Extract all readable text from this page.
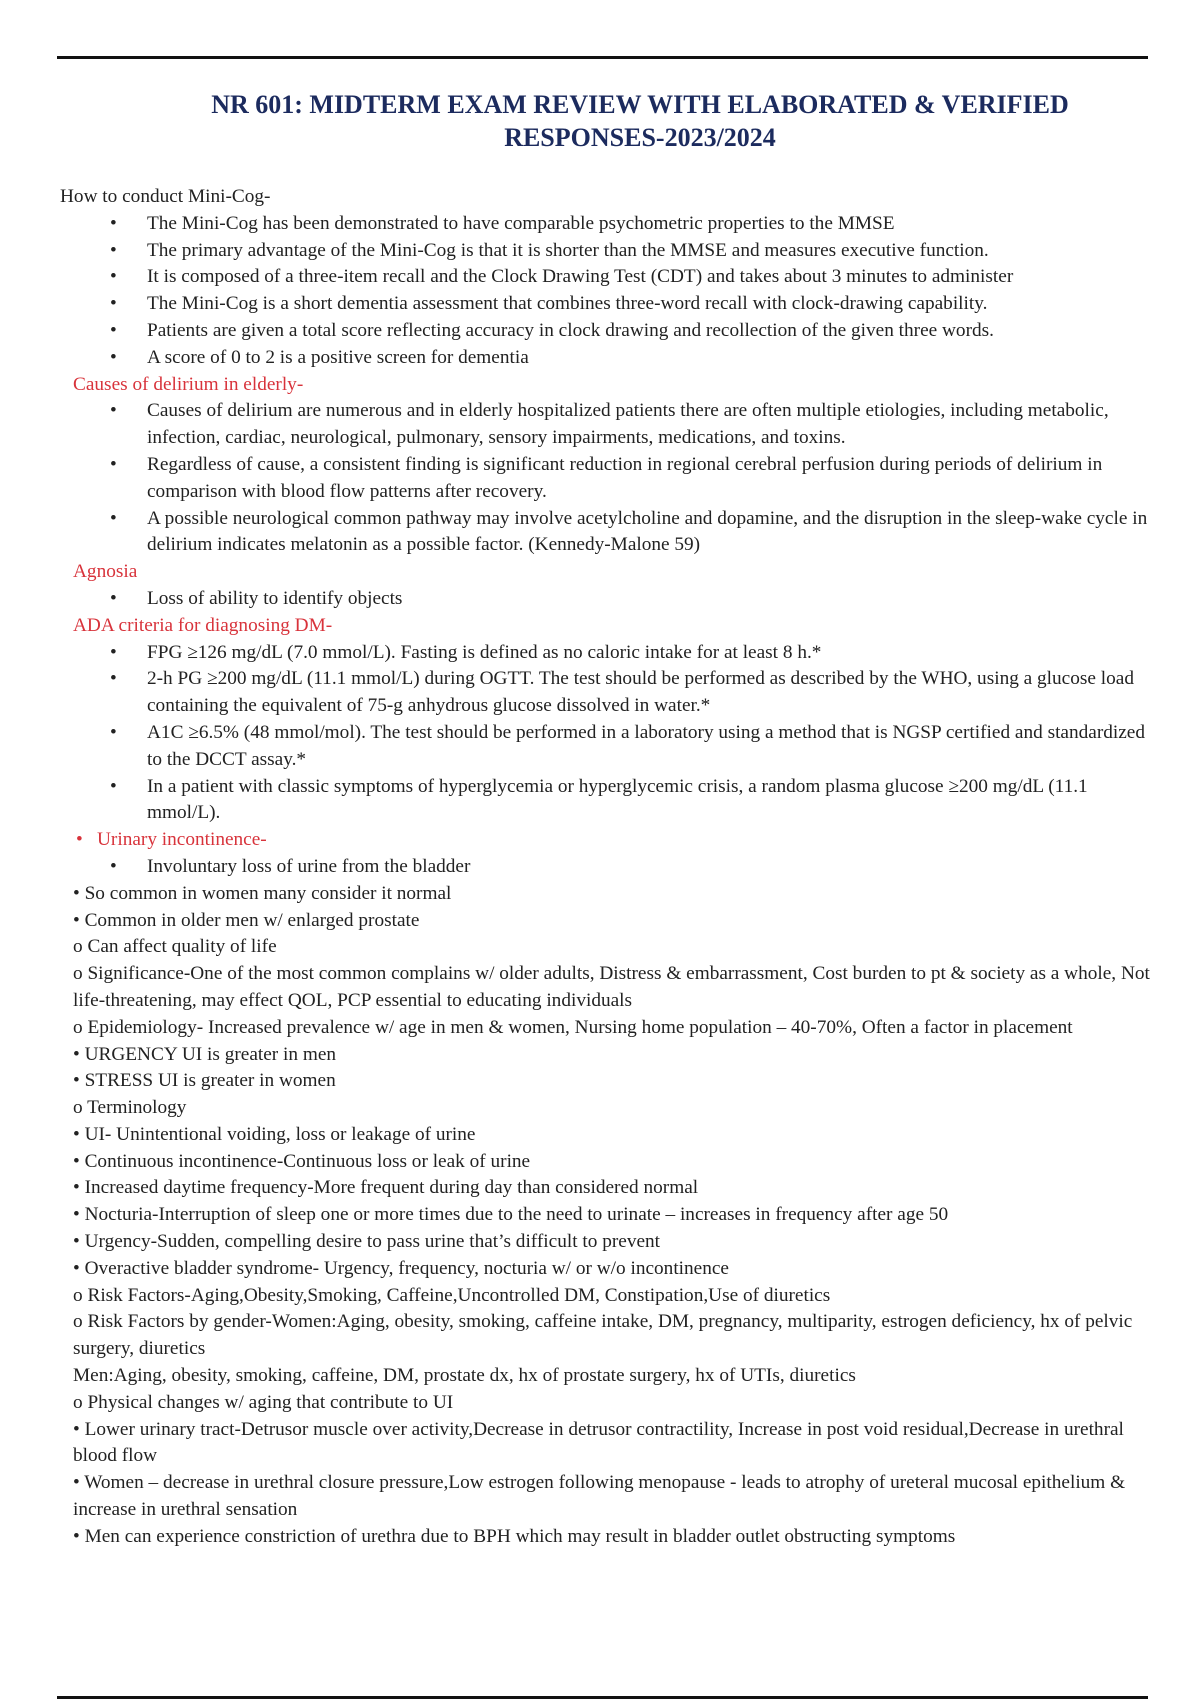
NR 601: MIDTERM EXAM REVIEW WITH ELABORATED & VERIFIED
RESPONSES-2023/2024
How to conduct Mini-Cog-
• The Mini-Cog has been demonstrated to have comparable psychometric properties to the MMSE
• The primary advantage of the Mini-Cog is that it is shorter than the MMSE and measures executive function.
• It is composed of a three-item recall and the Clock Drawing Test (CDT) and takes about 3 minutes to administer
• The Mini-Cog is a short dementia assessment that combines three-word recall with clock-drawing capability.
• Patients are given a total score reflecting accuracy in clock drawing and recollection of the given three words.
• A score of 0 to 2 is a positive screen for dementia
Causes of delirium in elderly-
• Causes of delirium are numerous and in elderly hospitalized patients there are often multiple etiologies, including metabolic, infection, cardiac, neurological, pulmonary, sensory impairments, medications, and toxins.
• Regardless of cause, a consistent finding is significant reduction in regional cerebral perfusion during periods of delirium in comparison with blood flow patterns after recovery.
• A possible neurological common pathway may involve acetylcholine and dopamine, and the disruption in the sleep-wake cycle in delirium indicates melatonin as a possible factor. (Kennedy-Malone 59)
Agnosia
• Loss of ability to identify objects
ADA criteria for diagnosing DM-
• FPG ≥126 mg/dL (7.0 mmol/L). Fasting is defined as no caloric intake for at least 8 h.*
• 2-h PG ≥200 mg/dL (11.1 mmol/L) during OGTT. The test should be performed as described by the WHO, using a glucose load containing the equivalent of 75-g anhydrous glucose dissolved in water.*
• A1C ≥6.5% (48 mmol/mol). The test should be performed in a laboratory using a method that is NGSP certified and standardized to the DCCT assay.*
• In a patient with classic symptoms of hyperglycemia or hyperglycemic crisis, a random plasma glucose ≥200 mg/dL (11.1 mmol/L).
• Urinary incontinence-
• Involuntary loss of urine from the bladder
• So common in women many consider it normal
• Common in older men w/ enlarged prostate
o Can affect quality of life
o Significance-One of the most common complains w/ older adults, Distress & embarrassment, Cost burden to pt & society as a whole, Not life-threatening, may effect QOL, PCP essential to educating individuals
o Epidemiology- Increased prevalence w/ age in men & women, Nursing home population – 40-70%, Often a factor in placement
• URGENCY UI is greater in men
• STRESS UI is greater in women
o Terminology
• UI- Unintentional voiding, loss or leakage of urine
• Continuous incontinence-Continuous loss or leak of urine
• Increased daytime frequency-More frequent during day than considered normal
• Nocturia-Interruption of sleep one or more times due to the need to urinate – increases in frequency after age 50
• Urgency-Sudden, compelling desire to pass urine that’s difficult to prevent
• Overactive bladder syndrome- Urgency, frequency, nocturia w/ or w/o incontinence
o Risk Factors-Aging,Obesity,Smoking, Caffeine,Uncontrolled DM, Constipation,Use of diuretics
o Risk Factors by gender-Women:Aging, obesity, smoking, caffeine intake, DM, pregnancy, multiparity, estrogen deficiency, hx of pelvic surgery, diuretics
Men:Aging, obesity, smoking, caffeine, DM, prostate dx, hx of prostate surgery, hx of UTIs, diuretics
o Physical changes w/ aging that contribute to UI
• Lower urinary tract-Detrusor muscle over activity,Decrease in detrusor contractility, Increase in post void residual,Decrease in urethral blood flow
• Women – decrease in urethral closure pressure,Low estrogen following menopause - leads to atrophy of ureteral mucosal epithelium & increase in urethral sensation
• Men can experience constriction of urethra due to BPH which may result in bladder outlet obstructing symptoms
